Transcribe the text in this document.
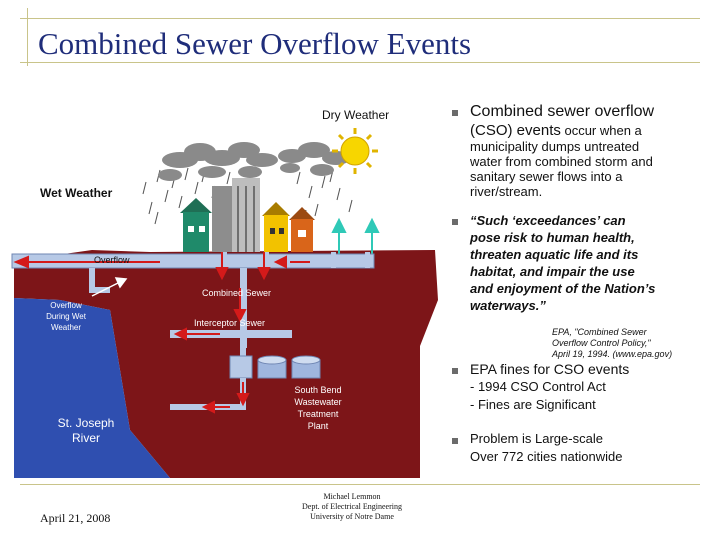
Combined Sewer Overflow Events
Dry Weather
Wet Weather
Overflow
Combined Sewer
Overflow
During Wet
Weather	Interceptor Sewer
South Bend
Wastewater
Treatment
Plant
St. Joseph
River
Combined sewer overflow
(CSO) events occur when a
municipality dumps untreated
water from combined storm and
sanitary sewer flows into a
river/stream.
“Such ‘exceedances’ can
pose risk to human health,
threaten aquatic life and its
habitat, and impair the use
and enjoyment of the Nation’s
waterways.”
EPA, "Combined Sewer
Overflow Control Policy,"
April 19, 1994. (www.epa.gov)
EPA fines for CSO events
- 1994 CSO Control Act
- Fines are Significant
Problem is Large-scale
Over 772 cities nationwide
April 21, 2008
Michael Lemmon
Dept. of Electrical Engineering
University of Notre Dame
